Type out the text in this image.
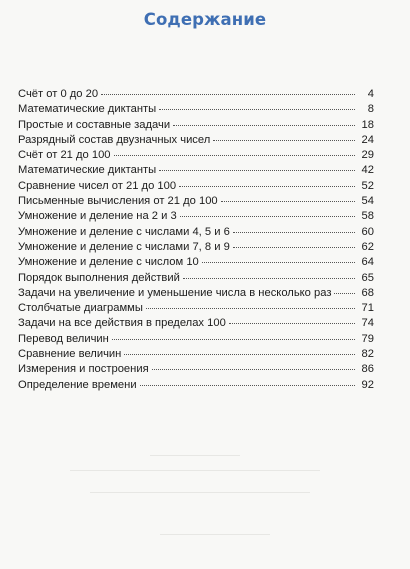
Содержание
Счёт от 0 до 20	4
Математические диктанты	8
Простые и составные задачи	18
Разрядный состав двузначных чисел	24
Счёт от 21 до 100	29
Математические диктанты	42
Сравнение чисел от 21 до 100	52
Письменные вычисления от 21 до 100	54
Умножение и деление на 2 и 3	58
Умножение и деление с числами 4, 5 и 6	60
Умножение и деление с числами 7, 8 и 9	62
Умножение и деление с числом 10	64
Порядок выполнения действий	65
Задачи на увеличение и уменьшение числа в несколько раз	68
Столбчатые диаграммы	71
Задачи на все действия в пределах 100	74
Перевод величин	79
Сравнение величин	82
Измерения и построения	86
Определение времени	92
